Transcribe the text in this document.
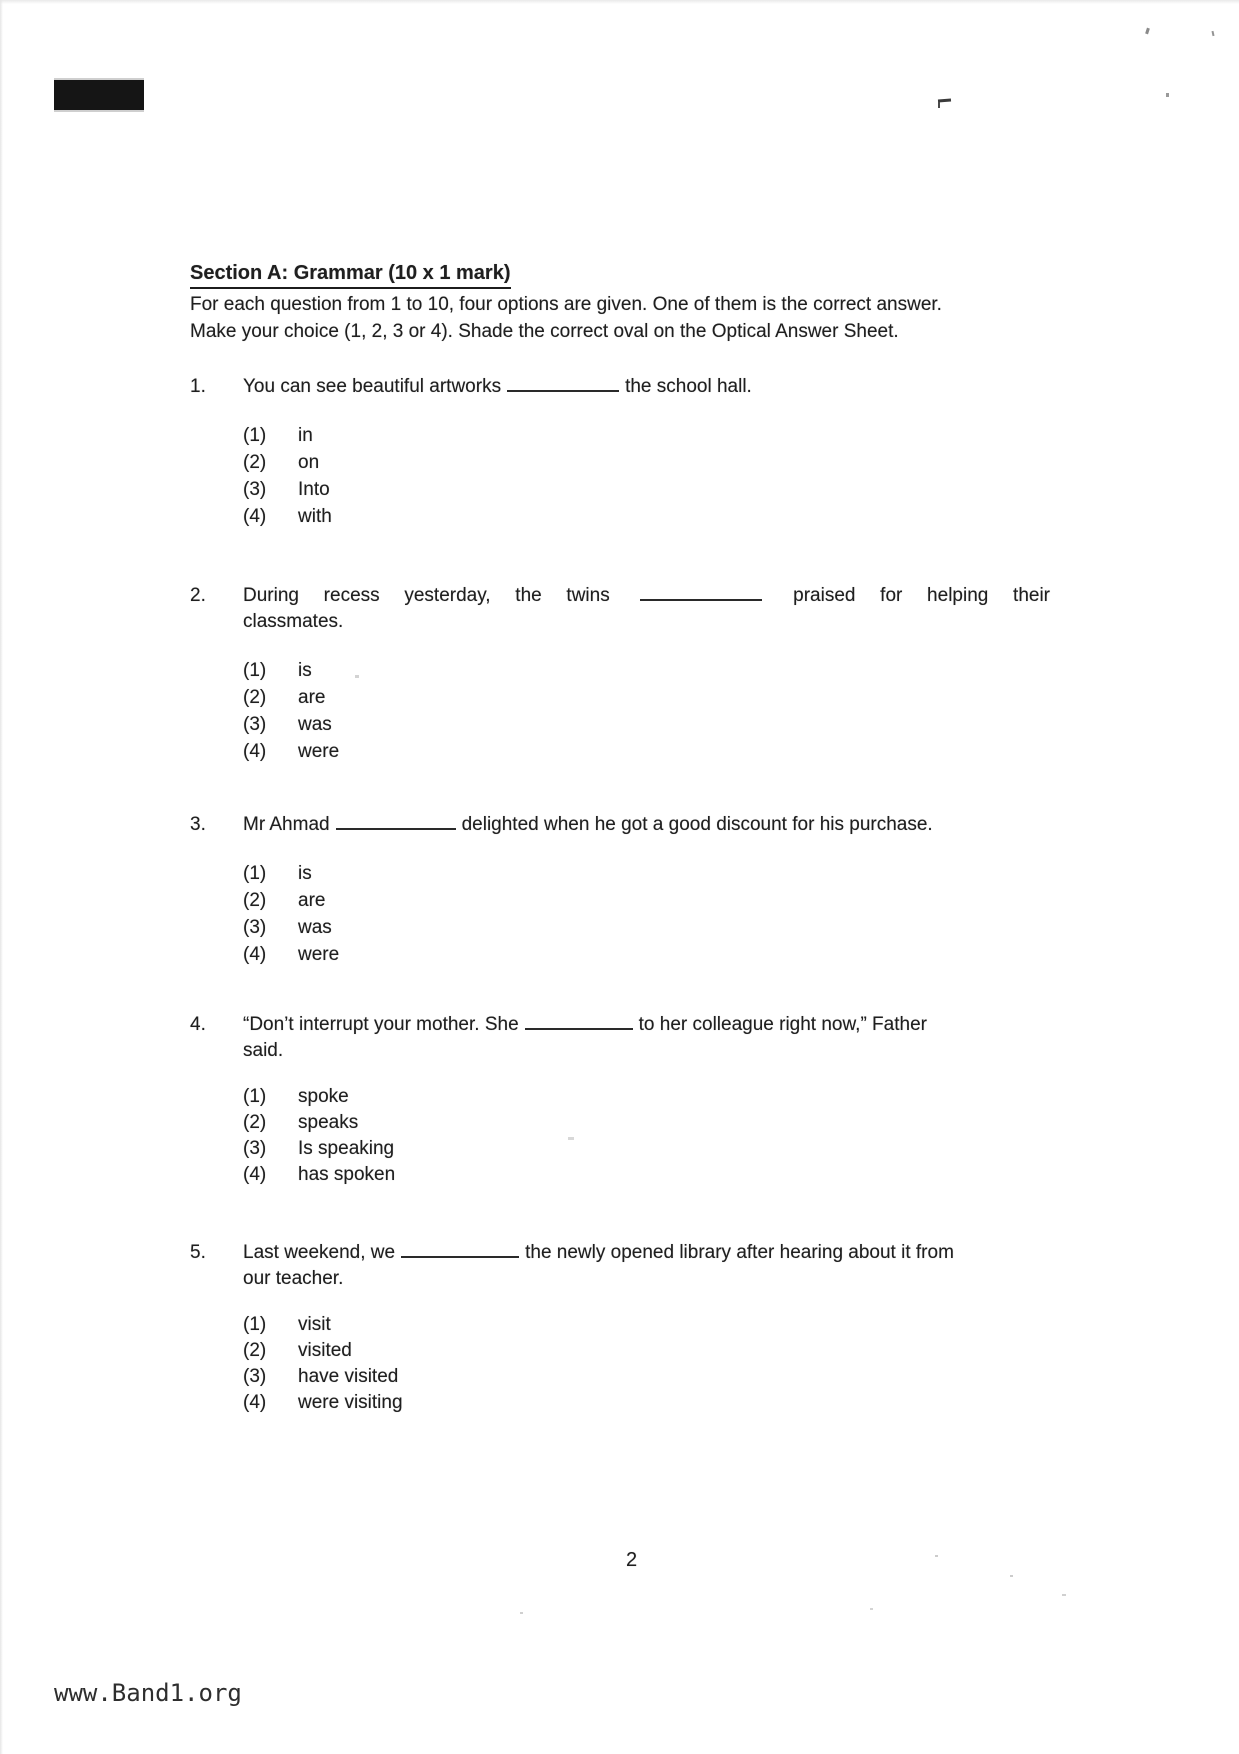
Section A: Grammar (10 x 1 mark)
For each question from 1 to 10, four options are given. One of them is the correct answer.
Make your choice (1, 2, 3 or 4). Shade the correct oval on the Optical Answer Sheet.
1.	You can see beautiful artworks	the school hall.
(1)	in
(2)	on
(3)	Into
(4)	with
2.	During recess yesterday, the twins	praised for helping their
classmates.
(1)	is
(2)	are
(3)	was
(4)	were
3.	Mr Ahmad	delighted when he got a good discount for his purchase.
(1)	is
(2)	are
(3)	was
(4)	were
4.	“Don’t interrupt your mother. She	to her colleague right now,” Father
said.
(1)	spoke
(2)	speaks
(3)	Is speaking
(4)	has spoken
5.	Last weekend, we	the newly opened library after hearing about it from
our teacher.
(1)	visit
(2)	visited
(3)	have visited
(4)	were visiting
2
www.Band1.org
